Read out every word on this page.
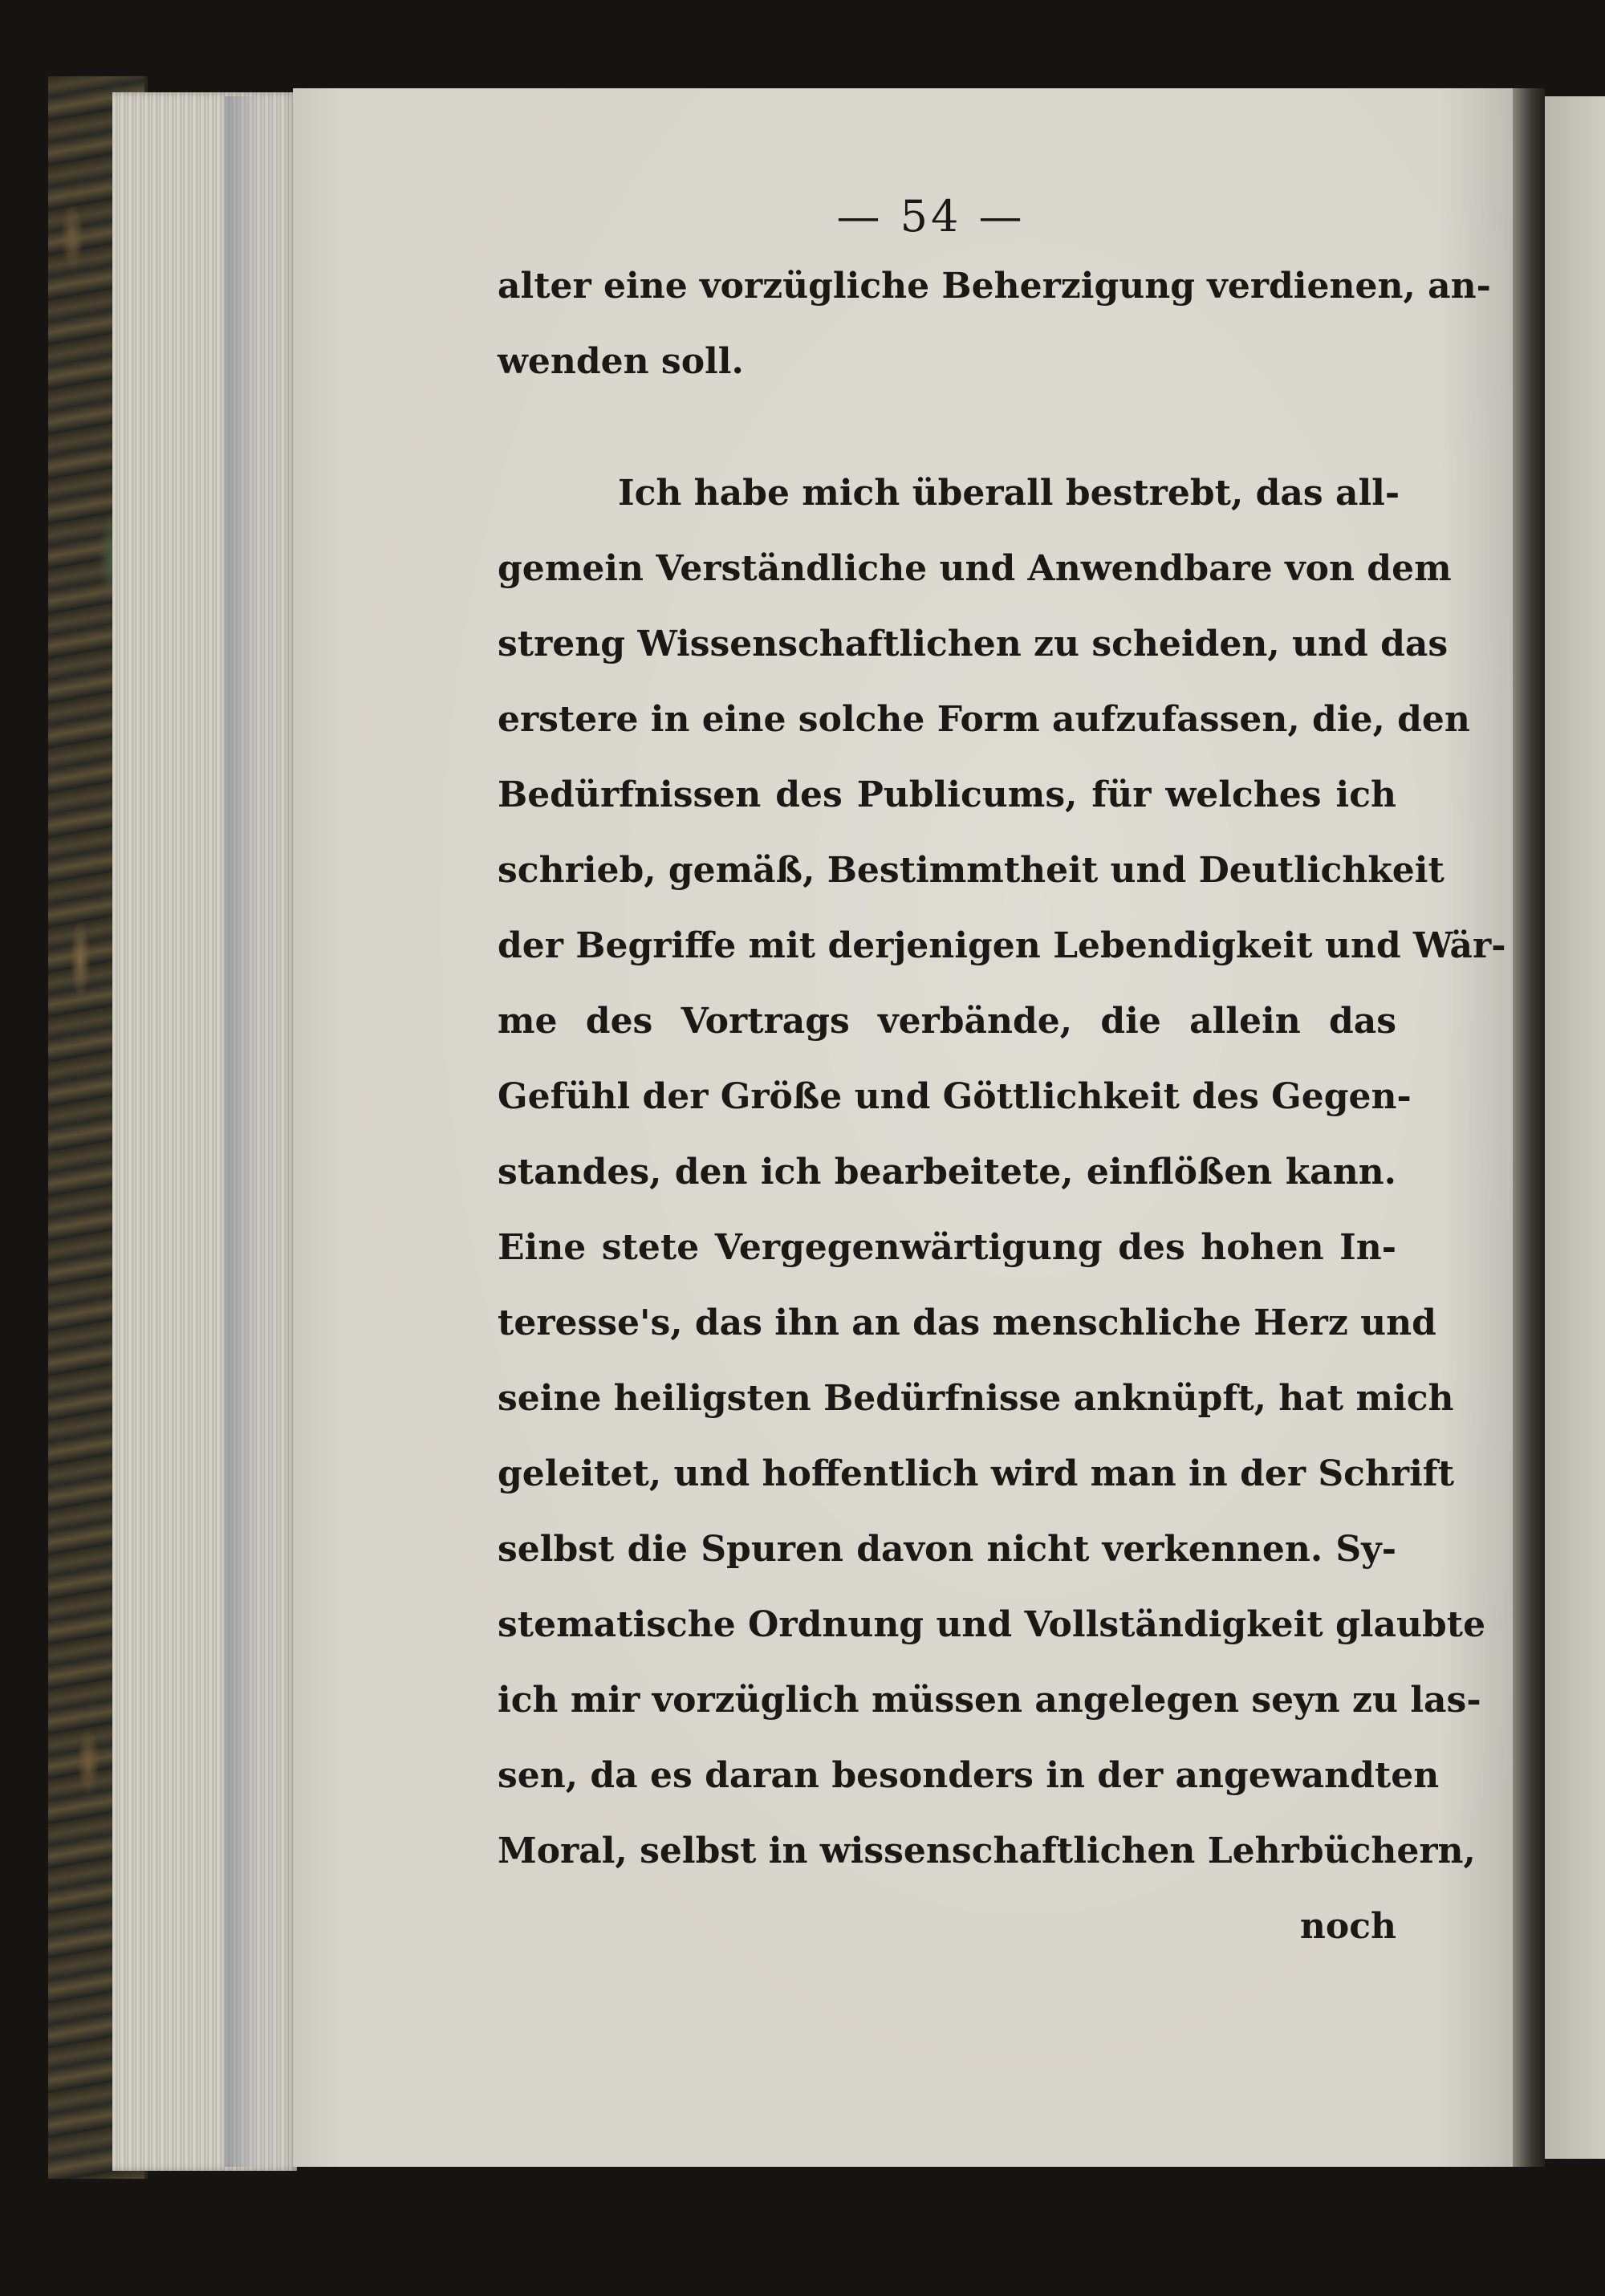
— 54 —
alter eine vorzügliche Beherzigung verdienen, an-
wenden soll.
Ich habe mich überall bestrebt, das all-
gemein Verständliche und Anwendbare von dem
streng Wissenschaftlichen zu scheiden, und das
erstere in eine solche Form aufzufassen, die, den
Bedürfnissen des Publicums, für welches ich
schrieb, gemäß, Bestimmtheit und Deutlichkeit
der Begriffe mit derjenigen Lebendigkeit und Wär-
me des Vortrags verbände, die allein das
Gefühl der Größe und Göttlichkeit des Gegen-
standes, den ich bearbeitete, einflößen kann.
Eine stete Vergegenwärtigung des hohen In-
teresse's, das ihn an das menschliche Herz und
seine heiligsten Bedürfnisse anknüpft, hat mich
geleitet, und hoffentlich wird man in der Schrift
selbst die Spuren davon nicht verkennen. Sy-
stematische Ordnung und Vollständigkeit glaubte
ich mir vorzüglich müssen angelegen seyn zu las-
sen, da es daran besonders in der angewandten
Moral, selbst in wissenschaftlichen Lehrbüchern,
noch
